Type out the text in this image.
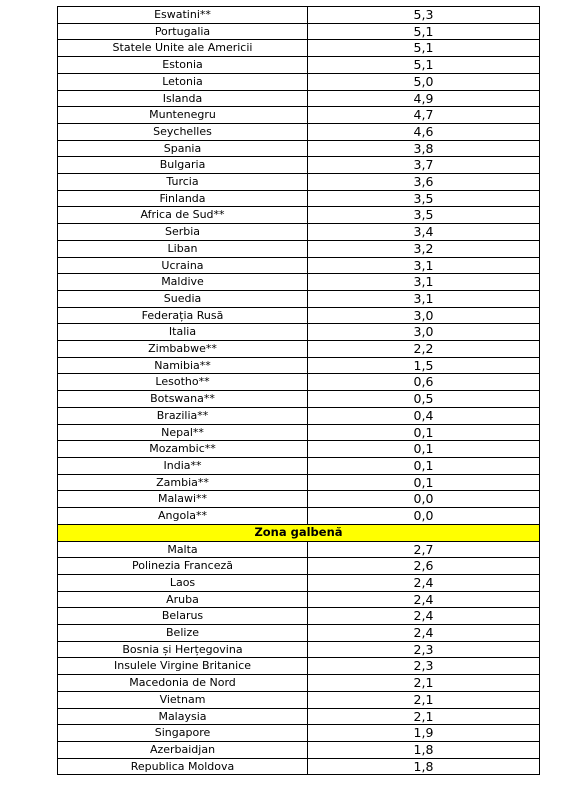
Eswatini**	5,3
Portugalia	5,1
Statele Unite ale Americii	5,1
Estonia	5,1
Letonia	5,0
Islanda	4,9
Muntenegru	4,7
Seychelles	4,6
Spania	3,8
Bulgaria	3,7
Turcia	3,6
Finlanda	3,5
Africa de Sud**	3,5
Serbia	3,4
Liban	3,2
Ucraina	3,1
Maldive	3,1
Suedia	3,1
Federația Rusă	3,0
Italia	3,0
Zimbabwe**	2,2
Namibia**	1,5
Lesotho**	0,6
Botswana**	0,5
Brazilia**	0,4
Nepal**	0,1
Mozambic**	0,1
India**	0,1
Zambia**	0,1
Malawi**	0,0
Angola**	0,0
Zona galbenă	
Malta	2,7
Polinezia Franceză	2,6
Laos	2,4
Aruba	2,4
Belarus	2,4
Belize	2,4
Bosnia și Herțegovina	2,3
Insulele Virgine Britanice	2,3
Macedonia de Nord	2,1
Vietnam	2,1
Malaysia	2,1
Singapore	1,9
Azerbaidjan	1,8
Republica Moldova	1,8
